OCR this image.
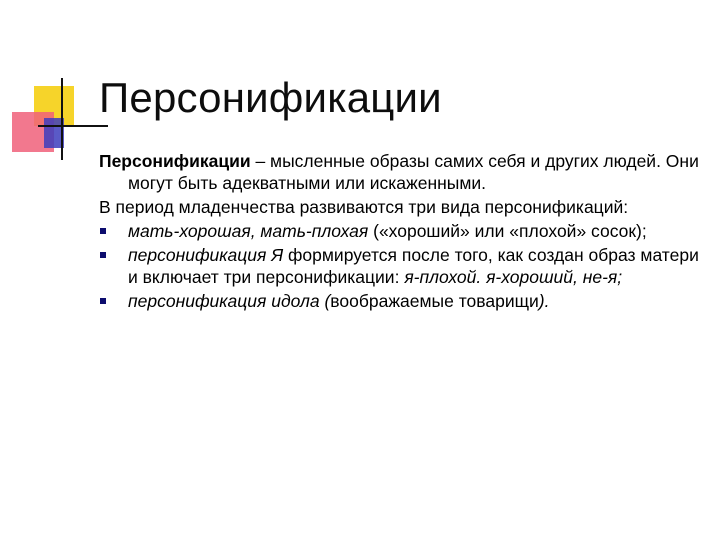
Персонификации

Персонификации – мысленные образы самих себя и других людей. Они могут быть адекватными или искаженными.

В период младенчества развиваются три вида персонификаций:

мать-хорошая, мать-плохая («хороший» или «плохой» сосок);
персонификация Я формируется после того, как создан образ матери и включает три персонификации: я-плохой. я-хороший, не-я;
персонификация идола (воображаемые товарищи).
